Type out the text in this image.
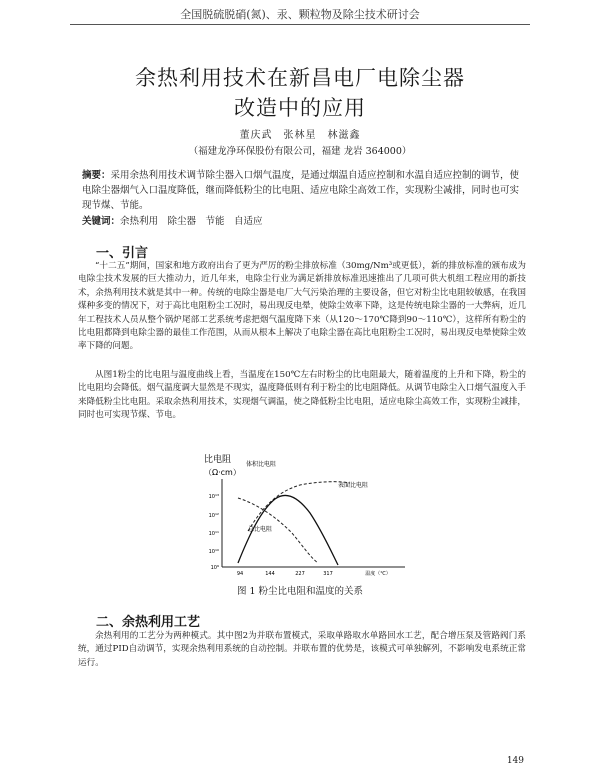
全国脱硫脱硝(氮)、汞、颗粒物及除尘技术研讨会
余热利用技术在新昌电厂电除尘器
改造中的应用
董庆武　张林星　林滋鑫
（福建龙净环保股份有限公司，福建 龙岩 364000）

摘要：采用余热利用技术调节除尘器入口烟气温度，是通过烟温自适应控制和水温自适应控制的调节，使电除尘器烟气入口温度降低，继而降低粉尘的比电阻、适应电除尘高效工作，实现粉尘减排，同时也可实现节煤、节能。

关键词：余热利用　除尘器　节能　自适应

一、引言

“十二五”期间，国家和地方政府出台了更为严厉的粉尘排放标准（30mg/Nm³或更低），新的排放标准的颁布成为电除尘技术发展的巨大推动力，近几年来，电除尘行业为满足新排放标准迅速推出了几项可供大机组工程应用的新技术，余热利用技术就是其中一种。传统的电除尘器是电厂大气污染治理的主要设备，但它对粉尘比电阻较敏感，在我国煤种多变的情况下，对于高比电阻粉尘工况时，易出现反电晕，使除尘效率下降，这是传统电除尘器的一大弊病，近几年工程技术人员从整个锅炉尾部工艺系统考虑把烟气温度降下来（从120～170℃降到90～110℃），这样所有粉尘的比电阻都降到电除尘器的最佳工作范围，从而从根本上解决了电除尘器在高比电阻粉尘工况时，易出现反电晕使除尘效率下降的问题。

从图1粉尘的比电阻与温度曲线上看，当温度在150℃左右时粉尘的比电阻最大，随着温度的上升和下降，粉尘的比电阻均会降低。烟气温度调大显然是不现实，温度降低则有利于粉尘的比电阻降低。从调节电除尘入口烟气温度入手来降低粉尘比电阻。采取余热利用技术，实现烟气调温，使之降低粉尘比电阻，适应电除尘高效工作，实现粉尘减排，同时也可实现节煤、节电。

比电阻
（Ω·cm）
10¹³
10¹²
10¹¹
10¹⁰
10⁹
94	144	227	317	温度（℃）
体积比电阻
表面比电阻
总比电阻
图 1 粉尘比电阻和温度的关系
二、余热利用工艺

余热利用的工艺分为两种模式。其中图2为并联布置模式，采取单路取水单路回水工艺，配合增压泵及管路阀门系统，通过PID自动调节，实现余热利用系统的自动控制。并联布置的优势是，该模式可单独解列，不影响发电系统正常运行。

149
